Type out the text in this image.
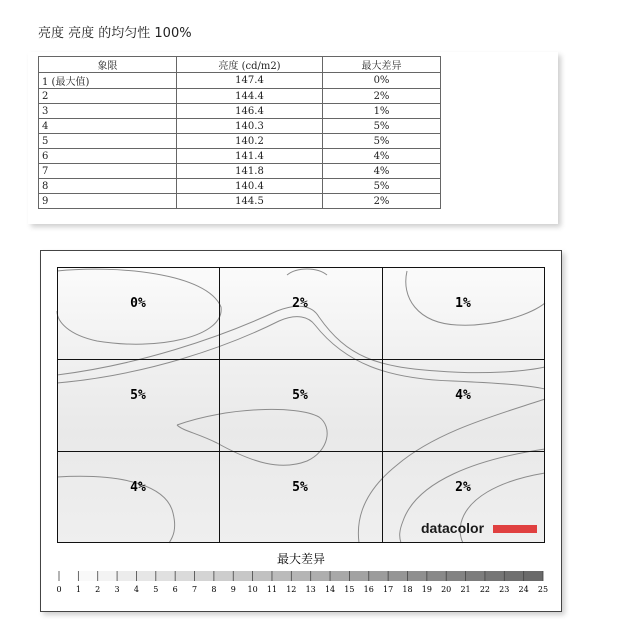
亮度 亮度 的均匀性 100%
象限	亮度 (cd/m2)	最大差异
1 (最大值)	147.4	0%
2	144.4	2%
3	146.4	1%
4	140.3	5%
5	140.2	5%
6	141.4	4%
7	141.8	4%
8	140.4	5%
9	144.5	2%
0%	2%	1%
5%	5%	4%
4%	5%	2%
datacolor
最大差异
0 1 2 3 4 5 6 7 8 9 10 11 12 13 14 15 16 17 18 19 20 21 22 23 24 25
